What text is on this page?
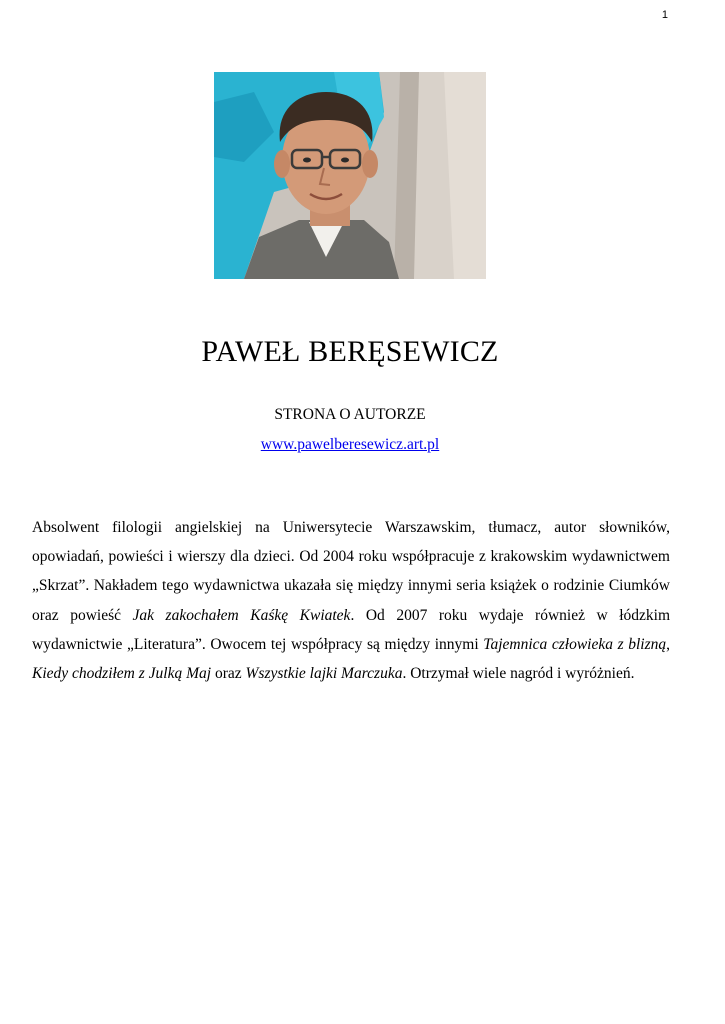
1
PAWEŁ BERĘSEWICZ
STRONA O AUTORZE
www.pawelberesewicz.art.pl

Absolwent filologii angielskiej na Uniwersytecie Warszawskim, tłumacz, autor słowników, opowiadań, powieści i wierszy dla dzieci. Od 2004 roku współpracuje z krakowskim wydawnictwem „Skrzat”. Nakładem tego wydawnictwa ukazała się między innymi seria książek o rodzinie Ciumków oraz powieść Jak zakochałem Kaśkę Kwiatek. Od 2007 roku wydaje również w łódzkim wydawnictwie „Literatura”. Owocem tej współpracy są między innymi Tajemnica człowieka z blizną, Kiedy chodziłem z Julką Maj oraz Wszystkie lajki Marczuka. Otrzymał wiele nagród i wyróżnień.
